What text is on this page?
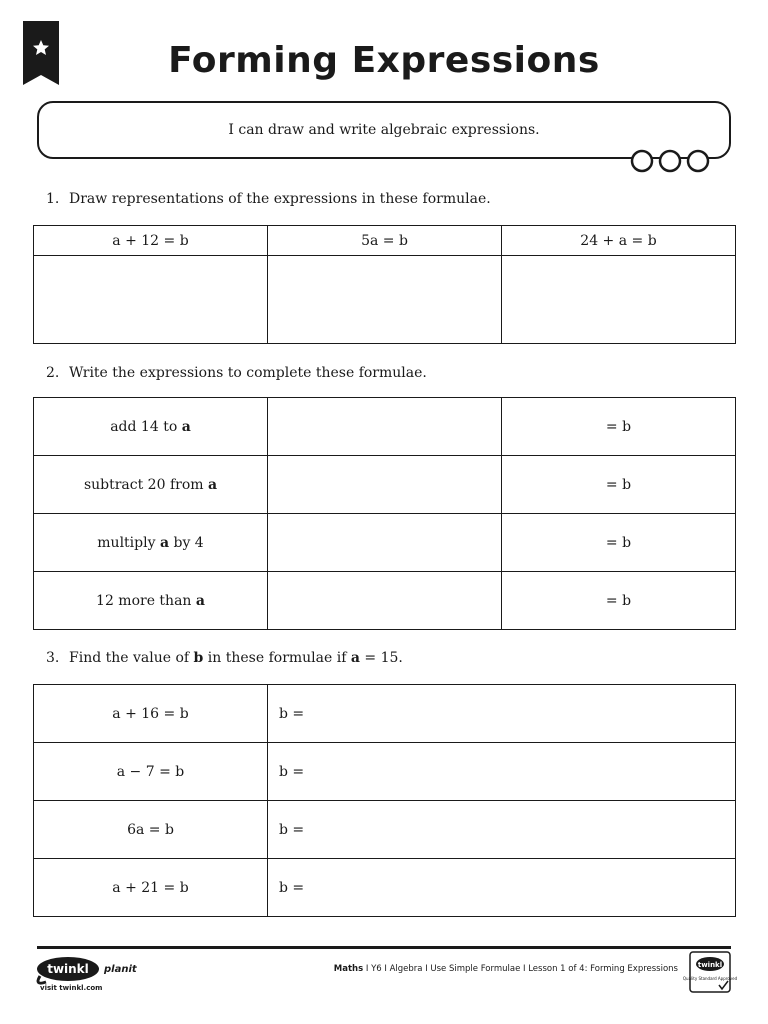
Forming Expressions
I can draw and write algebraic expressions.
1. Draw representations of the expressions in these formulae.
a + 12 = b	5a = b	24 + a = b

2. Write the expressions to complete these formulae.
add 14 to a		= b
subtract 20 from a		= b
multiply a by 4		= b
12 more than a		= b
3. Find the value of b in these formulae if a = 15.
a + 16 = b	b =
a − 7 = b	b =
6a = b	b =
a + 21 = b	b =
twinkl planit
visit twinkl.com
Maths I Y6 I Algebra I Use Simple Formulae I Lesson 1 of 4: Forming Expressions	twinkl
Quality Standard Approved
